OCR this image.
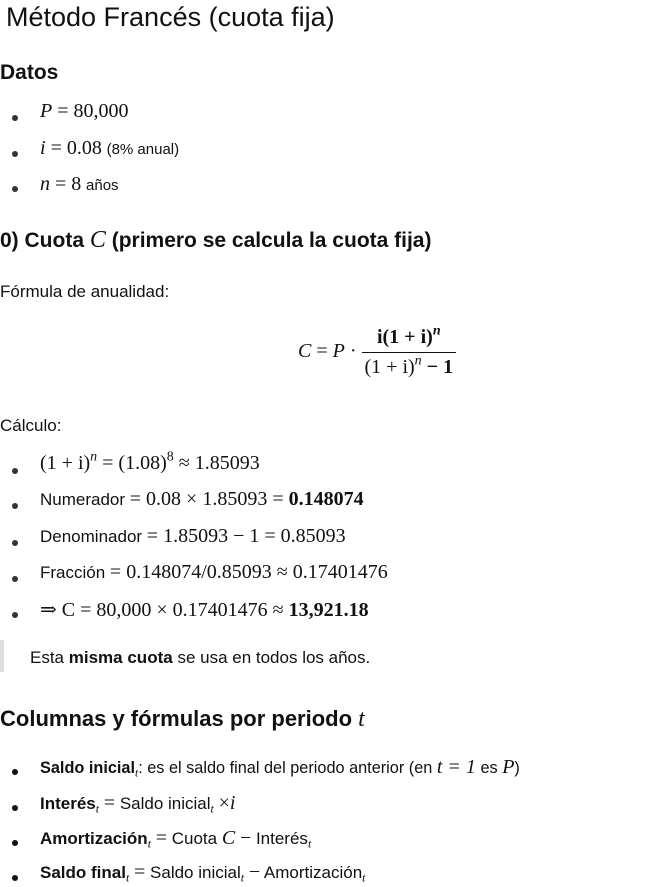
Método Francés (cuota fija)
Datos
P = 80,000
i = 0.08 (8% anual)
n = 8 años
0) Cuota C (primero se calcula la cuota fija)
Fórmula de anualidad:
$C = P \cdot \frac{i(1 + i)^n}{(1 + i)^n - 1}$
Cálculo:
$(1 + i)^n = (1.08)^8 \approx 1.85093$
Numerador = 0.08 × 1.85093 = 0.148074
Denominador = 1.85093 − 1 = 0.85093
Fracción = 0.148074/0.85093 ≈ 0.17401476
⇒ C = 80,000 × 0.17401476 ≈ 13,921.18
Esta misma cuota se usa en todos los años.
Columnas y fórmulas por periodo t
Saldo inicial$_t$: es el saldo final del periodo anterior (en t = 1 es P)
Interés$_t$ = Saldo inicial$_t$ ×i
Amortización$_t$ = Cuota C − Interés$_t$
Saldo final$_t$ = Saldo inicial$_t$ − Amortización$_t$
